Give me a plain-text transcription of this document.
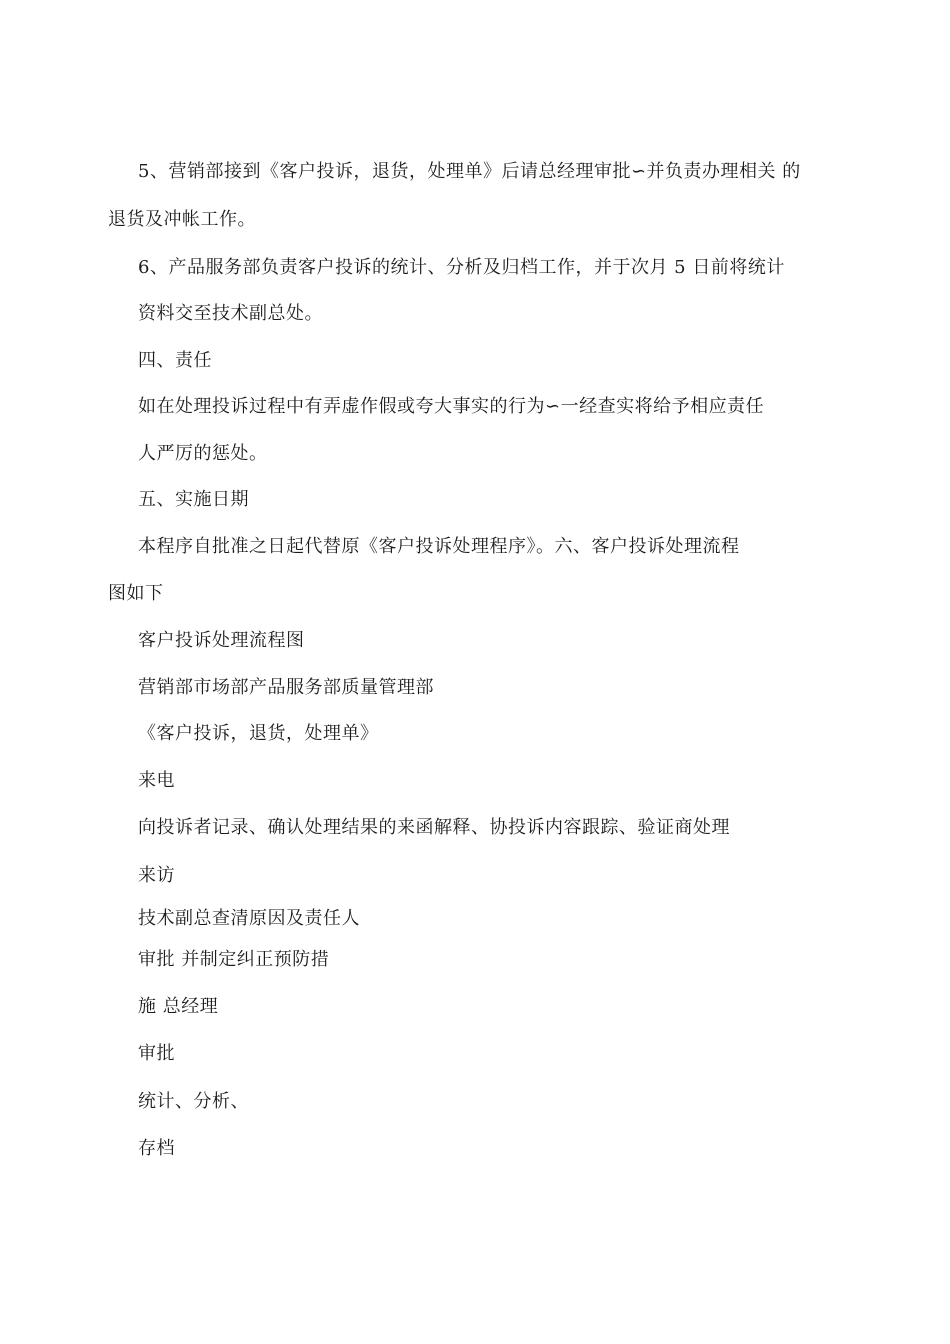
5、营销部接到《客户投诉，退货，处理单》后请总经理审批∽并负责办理相关 的
退货及冲帐工作。
6、产品服务部负责客户投诉的统计、分析及归档工作，并于次月 5 日前将统计
资料交至技术副总处。
四、责任
如在处理投诉过程中有弄虚作假或夸大事实的行为∽一经查实将给予相应责任
人严厉的惩处。
五、实施日期
本程序自批准之日起代替原《客户投诉处理程序》。六、客户投诉处理流程
图如下
客户投诉处理流程图
营销部市场部产品服务部质量管理部
《客户投诉，退货，处理单》
来电
向投诉者记录、确认处理结果的来函解释、协投诉内容跟踪、验证商处理
来访
技术副总查清原因及责任人
审批 并制定纠正预防措
施 总经理
审批
统计、分析、
存档
